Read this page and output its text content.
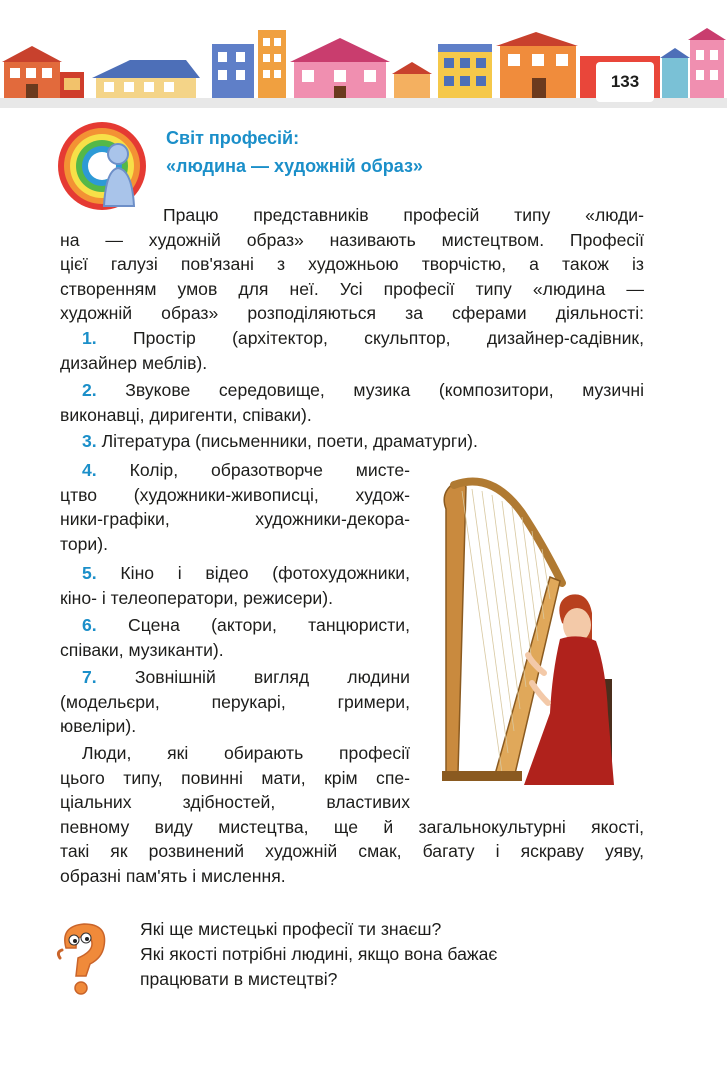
133
Світ професій:
«людина — художній образ»
Працю представників професій типу «люди-
на — художній образ» називають мистецтвом. Професії
цієї галузі пов'язані з художньою творчістю, а також із
створенням умов для неї. Усі професії типу «людина —
художній образ» розподіляються за сферами діяльності:
1. Простір (архітектор, скульптор, дизайнер-садівник,
дизайнер меблів).
2. Звукове середовище, музика (композитори, музичні
виконавці, диригенти, співаки).
3. Література (письменники, поети, драматурги).
4. Колір, образотворче мисте-
цтво (художники-живописці, худож-
ники-графіки, художники-декора-
тори).
5. Кіно і відео (фотохудожники,
кіно- і телеоператори, режисери).
6. Сцена (актори, танцюристи,
співаки, музиканти).
7. Зовнішній вигляд людини
(модельєри, перукарі, гримери,
ювеліри).
Люди, які обирають професії
цього типу, повинні мати, крім спе-
ціальних здібностей, властивих
певному виду мистецтва, ще й загальнокультурні якості,
такі як розвинений художній смак, багату і яскраву уяву,
образні пам'ять і мислення.
Які ще мистецькі професії ти знаєш?
Які якості потрібні людині, якщо вона бажає
працювати в мистецтві?
